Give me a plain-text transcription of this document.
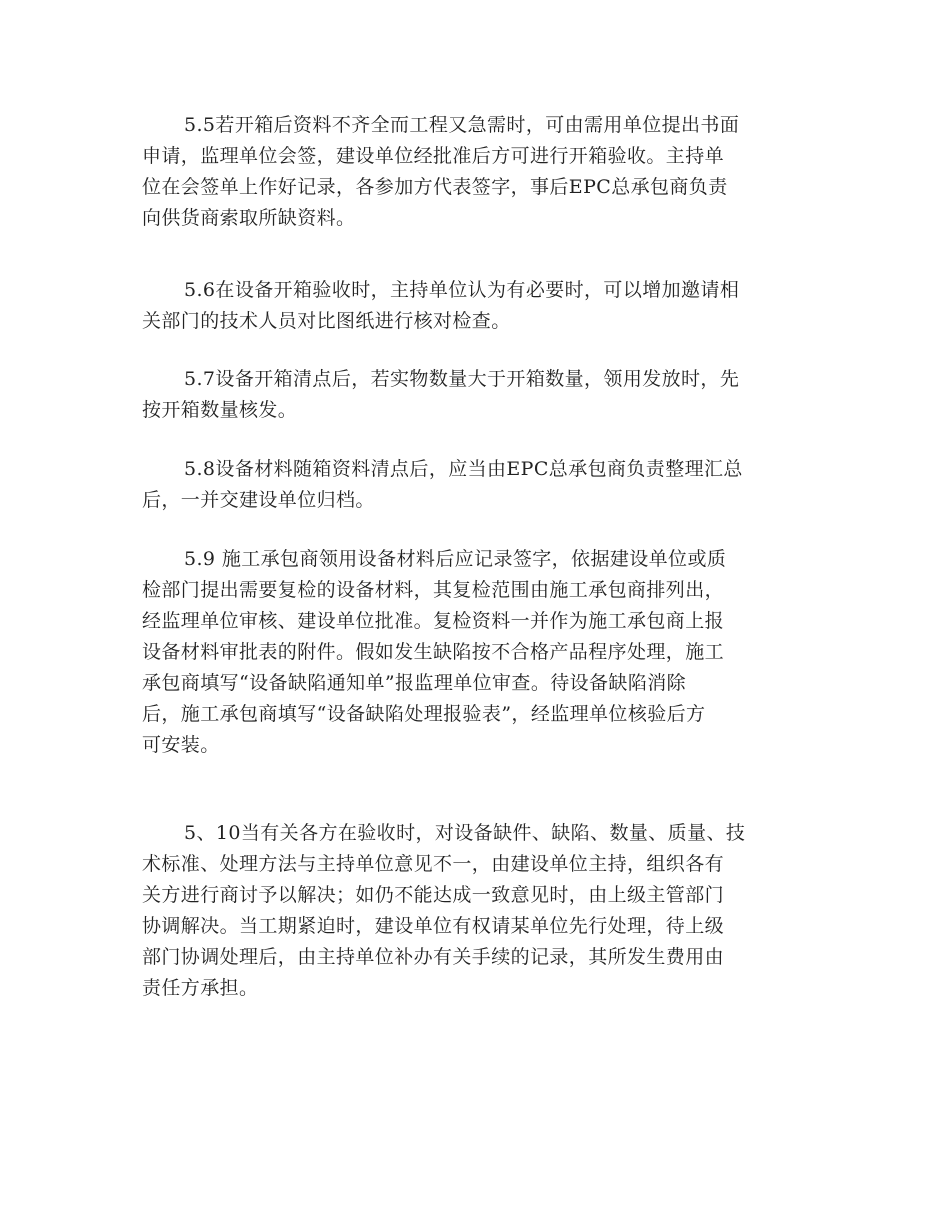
5.5若开箱后资料不齐全而工程又急需时，可由需用单位提出书面
申请，监理单位会签，建设单位经批准后方可进行开箱验收。主持单
位在会签单上作好记录，各参加方代表签字，事后EPC总承包商负责
向供货商索取所缺资料。

5.6在设备开箱验收时，主持单位认为有必要时，可以增加邀请相
关部门的技术人员对比图纸进行核对检查。

5.7设备开箱清点后，若实物数量大于开箱数量，领用发放时，先
按开箱数量核发。

5.8设备材料随箱资料清点后，应当由EPC总承包商负责整理汇总
后，一并交建设单位归档。

5.9 施工承包商领用设备材料后应记录签字，依据建设单位或质
检部门提出需要复检的设备材料，其复检范围由施工承包商排列出，
经监理单位审核、建设单位批准。复检资料一并作为施工承包商上报
设备材料审批表的附件。假如发生缺陷按不合格产品程序处理，施工
承包商填写“设备缺陷通知单”报监理单位审查。待设备缺陷消除
后，施工承包商填写“设备缺陷处理报验表”，经监理单位核验后方
可安装。

5、10当有关各方在验收时，对设备缺件、缺陷、数量、质量、技
术标准、处理方法与主持单位意见不一，由建设单位主持，组织各有
关方进行商讨予以解决；如仍不能达成一致意见时，由上级主管部门
协调解决。当工期紧迫时，建设单位有权请某单位先行处理，待上级
部门协调处理后，由主持单位补办有关手续的记录，其所发生费用由
责任方承担。
